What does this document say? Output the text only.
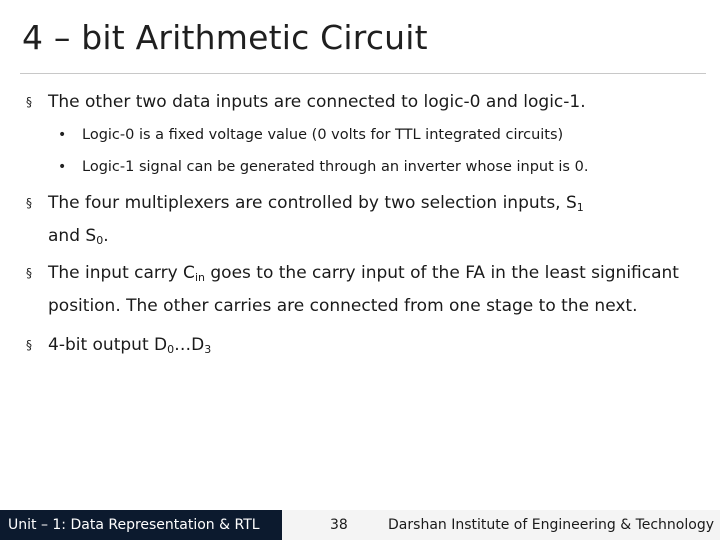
4 – bit Arithmetic Circuit
§ The other two data inputs are connected to logic-0 and logic-1.
• Logic-0 is a fixed voltage value (0 volts for TTL integrated circuits)
• Logic-1 signal can be generated through an inverter whose input is 0.
§ The four multiplexers are controlled by two selection inputs, $S_1$
and $S_0$.
§ The input carry $C_{in}$ goes to the carry input of the FA in the least significant position. The other carries are connected from one stage to the next.
§ 4-bit output $D_0\dots D_3$
Unit – 1: Data Representation & RTL	38	Darshan Institute of Engineering & Technology
